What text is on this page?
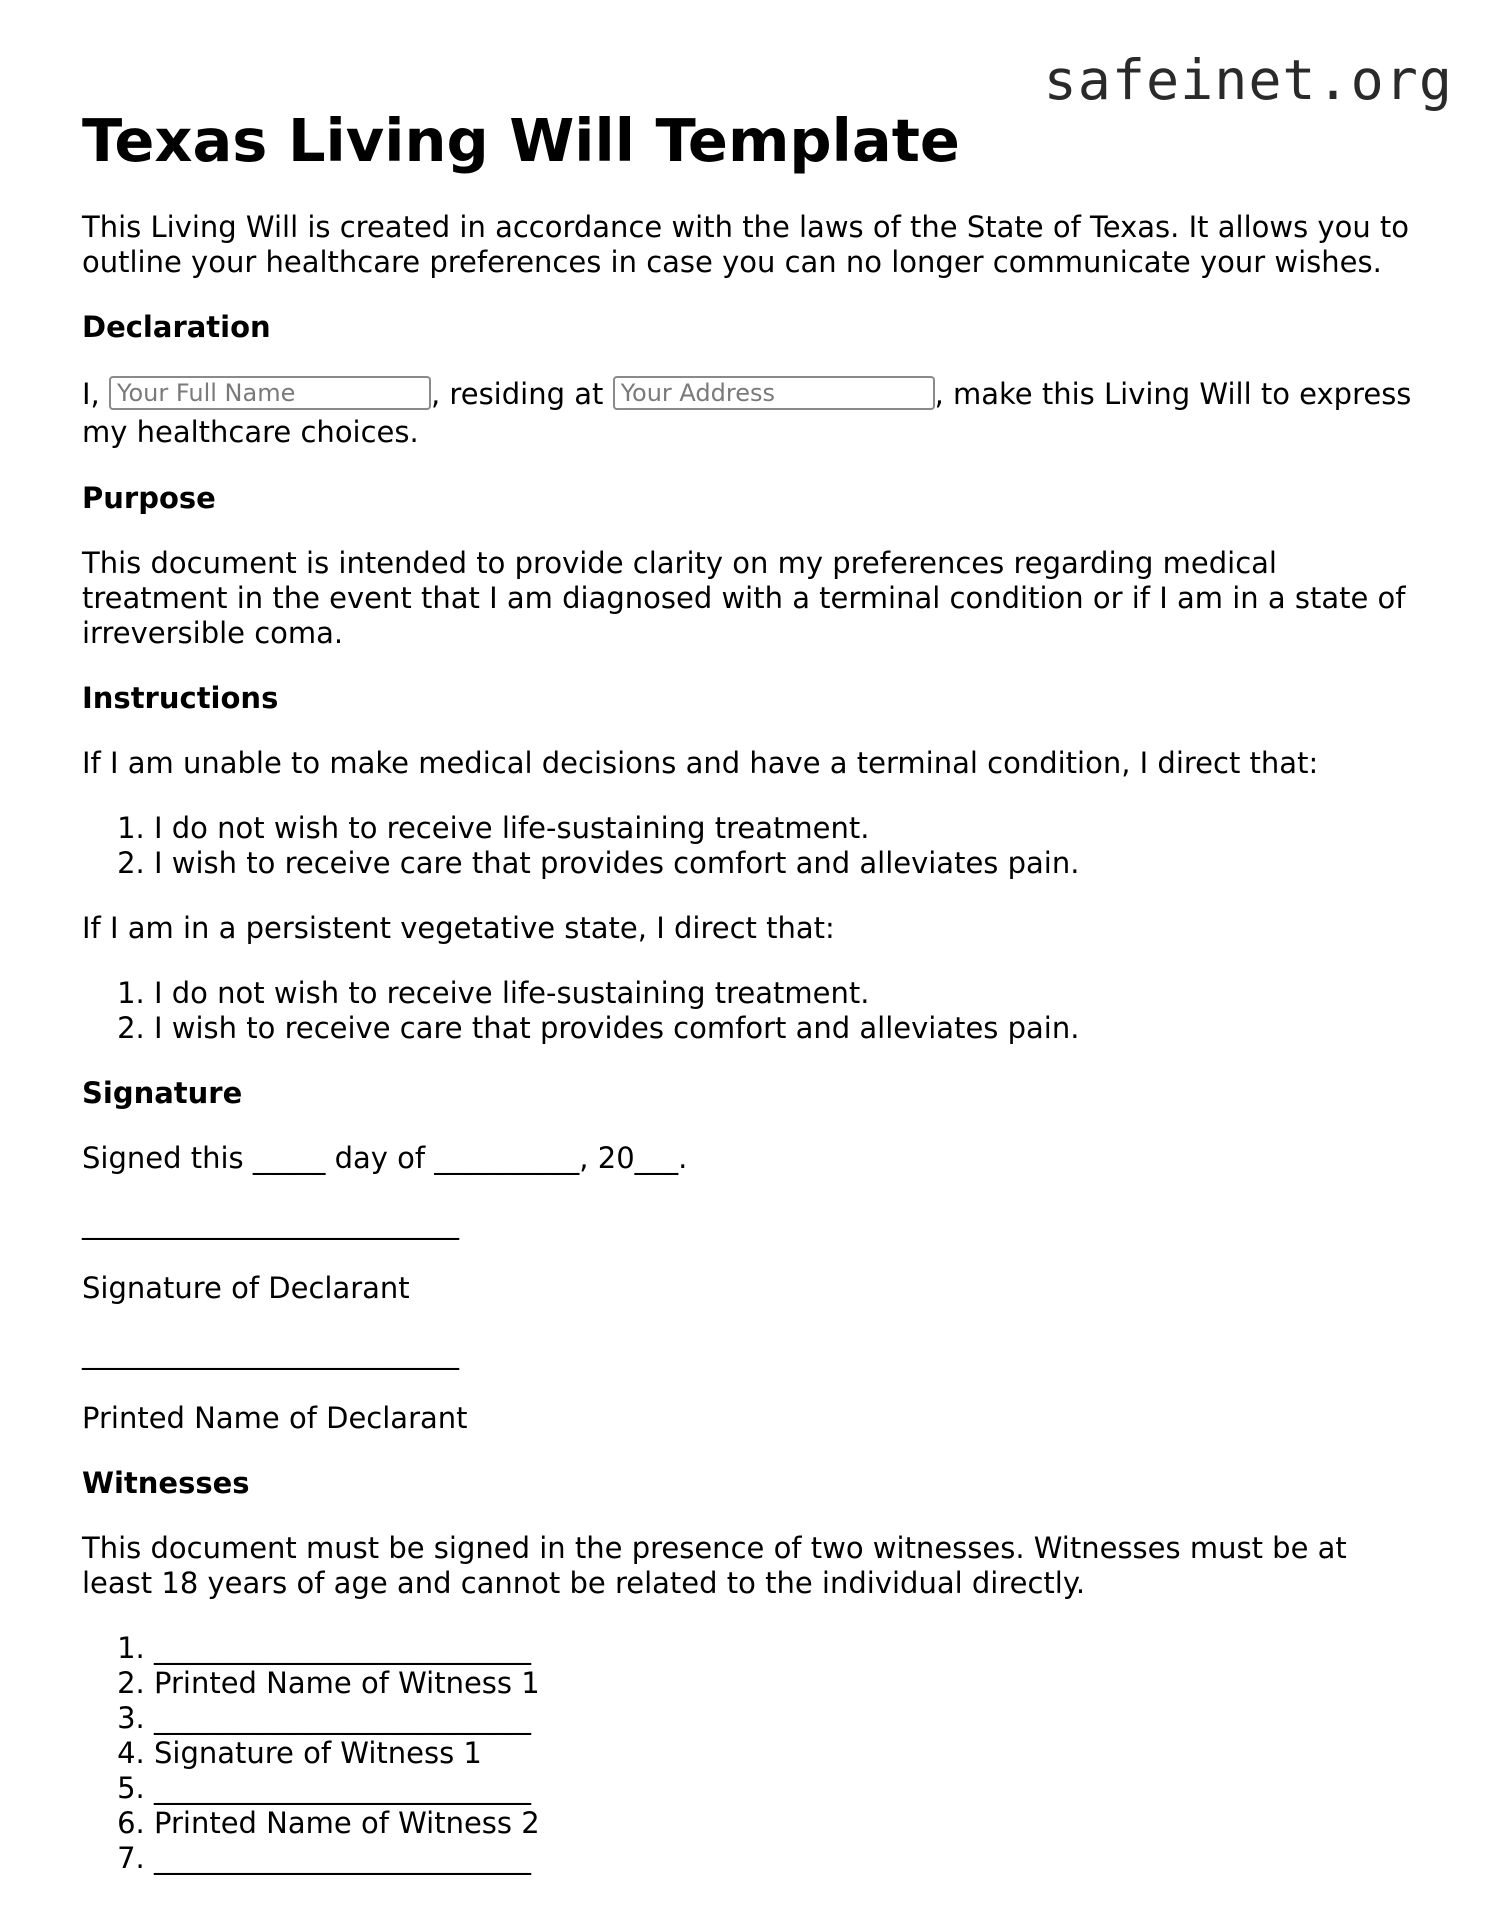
safeinet.org
Texas Living Will Template

This Living Will is created in accordance with the laws of the State of Texas. It allows you to outline your healthcare preferences in case you can no longer communicate your wishes.

Declaration

I, Your Full Name	, residing at Your Address	, make this Living Will to express my healthcare choices.

Purpose

This document is intended to provide clarity on my preferences regarding medical treatment in the event that I am diagnosed with a terminal condition or if I am in a state of irreversible coma.

Instructions

If I am unable to make medical decisions and have a terminal condition, I direct that:

1. I do not wish to receive life-sustaining treatment.
2. I wish to receive care that provides comfort and alleviates pain.

If I am in a persistent vegetative state, I direct that:

1. I do not wish to receive life-sustaining treatment.
2. I wish to receive care that provides comfort and alleviates pain.
Signature

Signed this _____ day of __________, 20___.

__________________________

Signature of Declarant

__________________________

Printed Name of Declarant

Witnesses

This document must be signed in the presence of two witnesses. Witnesses must be at least 18 years of age and cannot be related to the individual directly.

1. __________________________
2. Printed Name of Witness 1
3. __________________________
4. Signature of Witness 1
5. __________________________
6. Printed Name of Witness 2
7. __________________________
